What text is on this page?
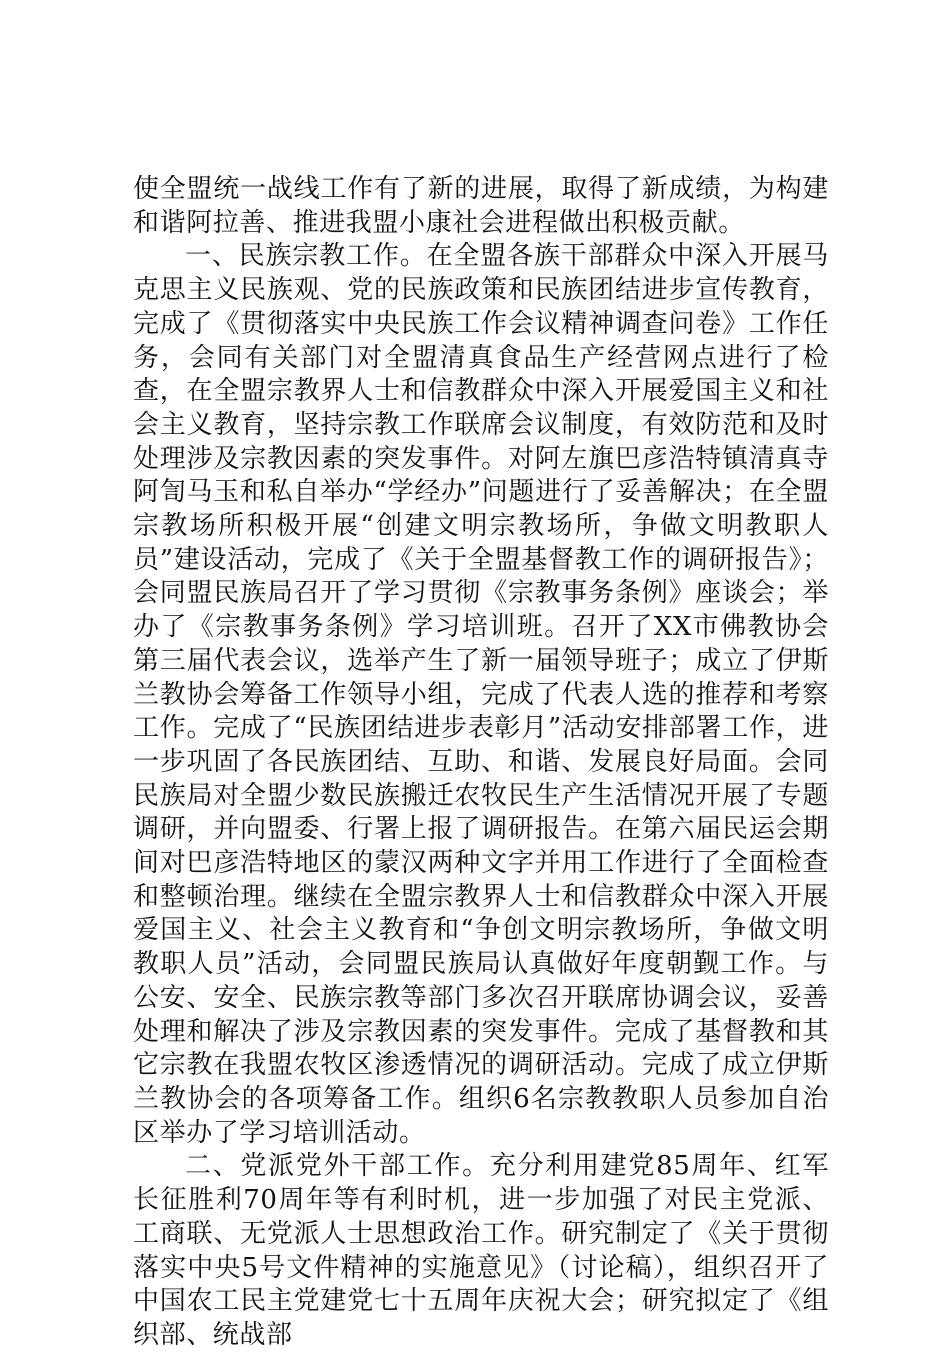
使全盟统一战线工作有了新的进展，取得了新成绩，为构建和谐阿拉善、推进我盟小康社会进程做出积极贡献。

一、民族宗教工作。在全盟各族干部群众中深入开展马克思主义民族观、党的民族政策和民族团结进步宣传教育，完成了《贯彻落实中央民族工作会议精神调查问卷》工作任务，会同有关部门对全盟清真食品生产经营网点进行了检查，在全盟宗教界人士和信教群众中深入开展爱国主义和社会主义教育，坚持宗教工作联席会议制度，有效防范和及时处理涉及宗教因素的突发事件。对阿左旗巴彦浩特镇清真寺阿訇马玉和私自举办“学经办”问题进行了妥善解决；在全盟宗教场所积极开展“创建文明宗教场所，争做文明教职人员”建设活动，完成了《关于全盟基督教工作的调研报告》；会同盟民族局召开了学习贯彻《宗教事务条例》座谈会；举办了《宗教事务条例》学习培训班。召开了XX市佛教协会第三届代表会议，选举产生了新一届领导班子；成立了伊斯兰教协会筹备工作领导小组，完成了代表人选的推荐和考察工作。完成了“民族团结进步表彰月”活动安排部署工作，进一步巩固了各民族团结、互助、和谐、发展良好局面。会同民族局对全盟少数民族搬迁农牧民生产生活情况开展了专题调研，并向盟委、行署上报了调研报告。在第六届民运会期间对巴彦浩特地区的蒙汉两种文字并用工作进行了全面检查和整顿治理。继续在全盟宗教界人士和信教群众中深入开展爱国主义、社会主义教育和“争创文明宗教场所，争做文明教职人员”活动，会同盟民族局认真做好年度朝觐工作。与公安、安全、民族宗教等部门多次召开联席协调会议，妥善处理和解决了涉及宗教因素的突发事件。完成了基督教和其它宗教在我盟农牧区渗透情况的调研活动。完成了成立伊斯兰教协会的各项筹备工作。组织6名宗教教职人员参加自治区举办了学习培训活动。

二、党派党外干部工作。充分利用建党85周年、红军长征胜利70周年等有利时机，进一步加强了对民主党派、工商联、无党派人士思想政治工作。研究制定了《关于贯彻落实中央5号文件精神的实施意见》（讨论稿），组织召开了中国农工民主党建党七十五周年庆祝大会；研究拟定了《组织部、统战部
